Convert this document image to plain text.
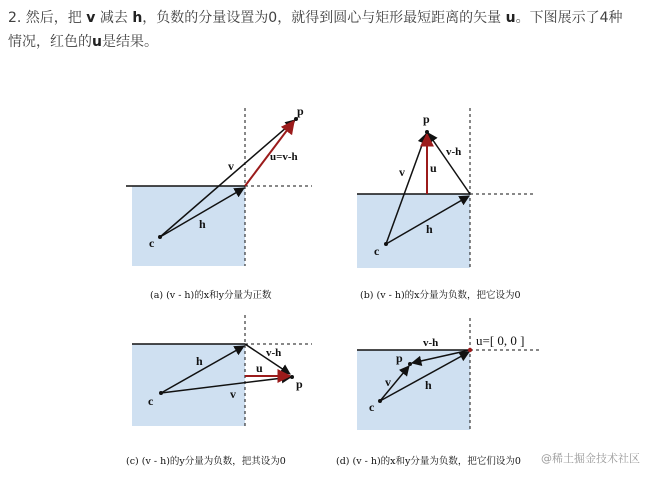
2. 然后，把 v 减去 h，负数的分量设置为0，就得到圆心与矩形最短距离的矢量 u。下图展示了4种
情况，红色的u是结果。
p
v
u=v-h
h
c
(a) (v - h)的x和y分量为正数
p
v
v-h
u
h
c
(b) (v - h)的x分量为负数，把它设为0
h
v-h
u
v
p
c
(c) (v - h)的y分量为负数，把其设为0
u=[ 0, 0 ]
v-h
p
v	h
c
(d) (v - h)的x和y分量为负数，把它们设为0 @稀土掘金技术社区
